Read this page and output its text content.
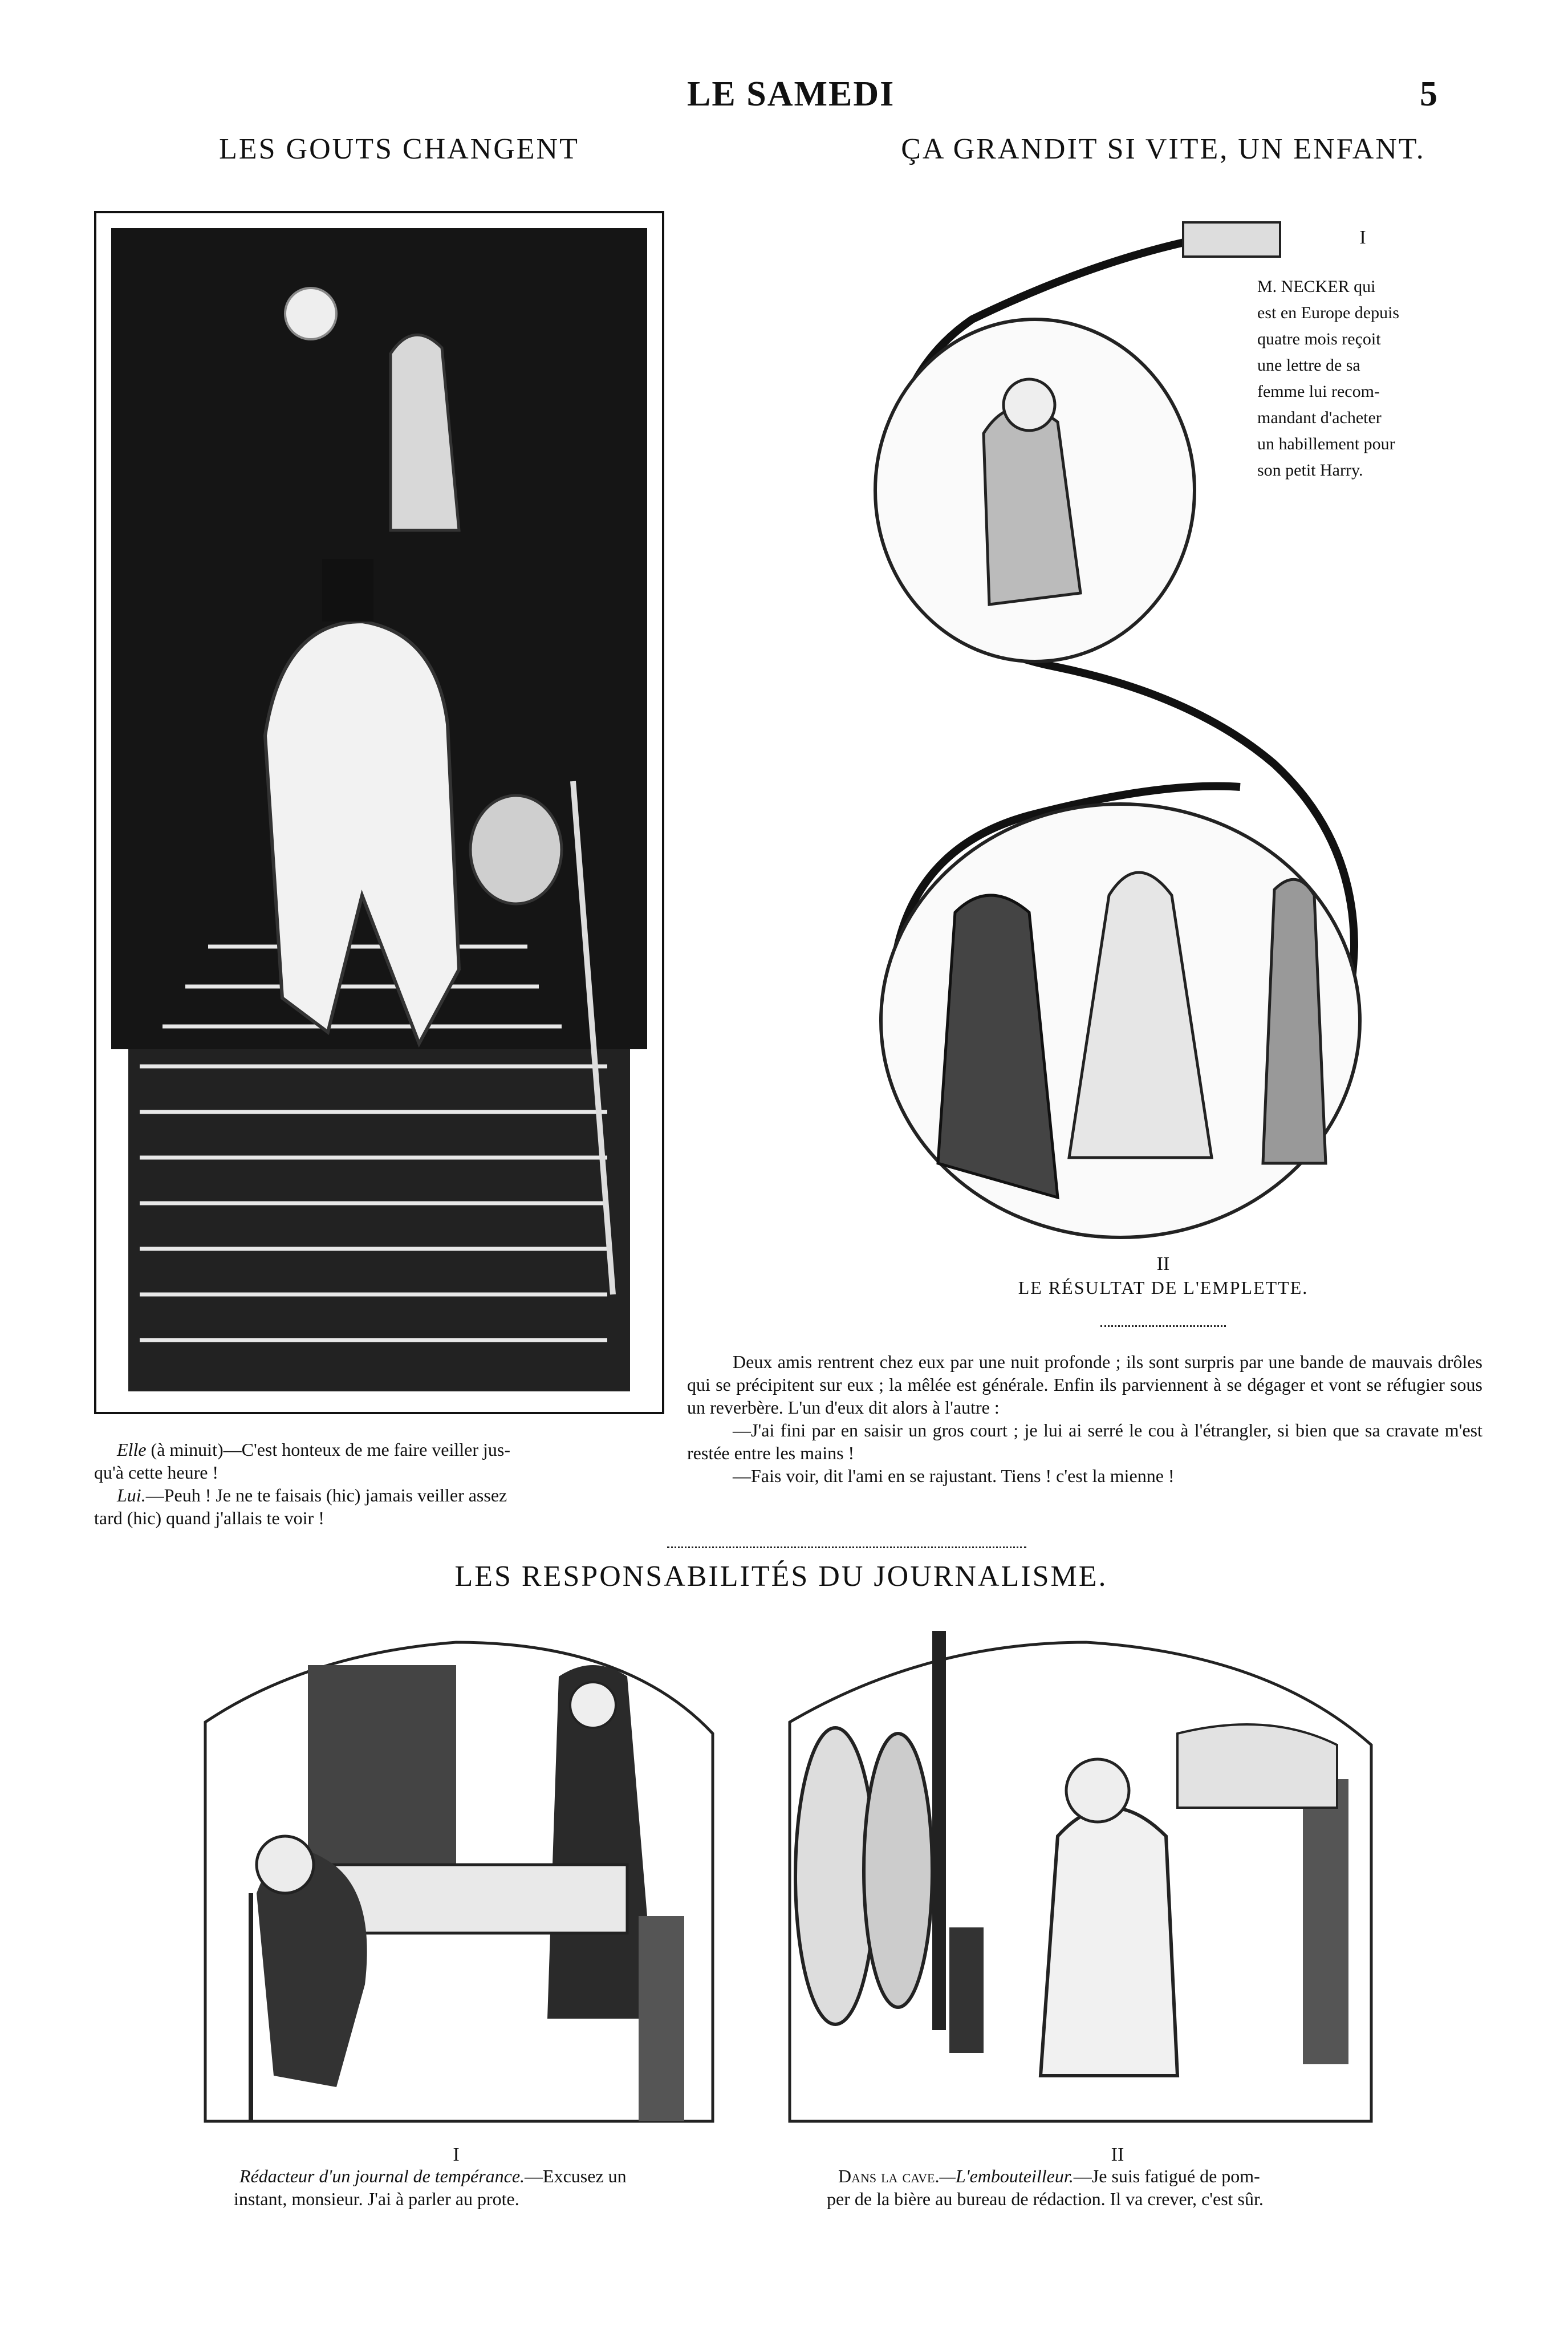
LE SAMEDI	5
LES GOUTS CHANGENT
Elle (à minuit)—C'est honteux de me faire veiller jus-
qu'à cette heure !
Lui.—Peuh ! Je ne te faisais (hic) jamais veiller assez
tard (hic) quand j'allais te voir !
ÇA GRANDIT SI VITE, UN ENFANT.
I
M. NECKER qui
est en Europe depuis
quatre mois reçoit
une lettre de sa
femme lui recom-
mandant d'acheter
un habillement pour
son petit Harry.
II
LE RÉSULTAT DE L'EMPLETTE.
Deux amis rentrent chez eux par une nuit profonde ; ils sont surpris par une bande de mauvais drôles qui se précipitent sur eux ; la mêlée est générale. Enfin ils parviennent à se dégager et vont se réfugier sous un reverbère. L'un d'eux dit alors à l'autre :
—J'ai fini par en saisir un gros court ; je lui ai serré le cou à l'étrangler, si bien que sa cravate m'est restée entre les mains !
—Fais voir, dit l'ami en se rajustant. Tiens ! c'est la mienne !
LES RESPONSABILITÉS DU JOURNALISME.
I
Rédacteur d'un journal de tempérance.—Excusez un
instant, monsieur. J'ai à parler au prote.
II
Dans la cave.—L'embouteilleur.—Je suis fatigué de pom-
per de la bière au bureau de rédaction. Il va crever, c'est sûr.
